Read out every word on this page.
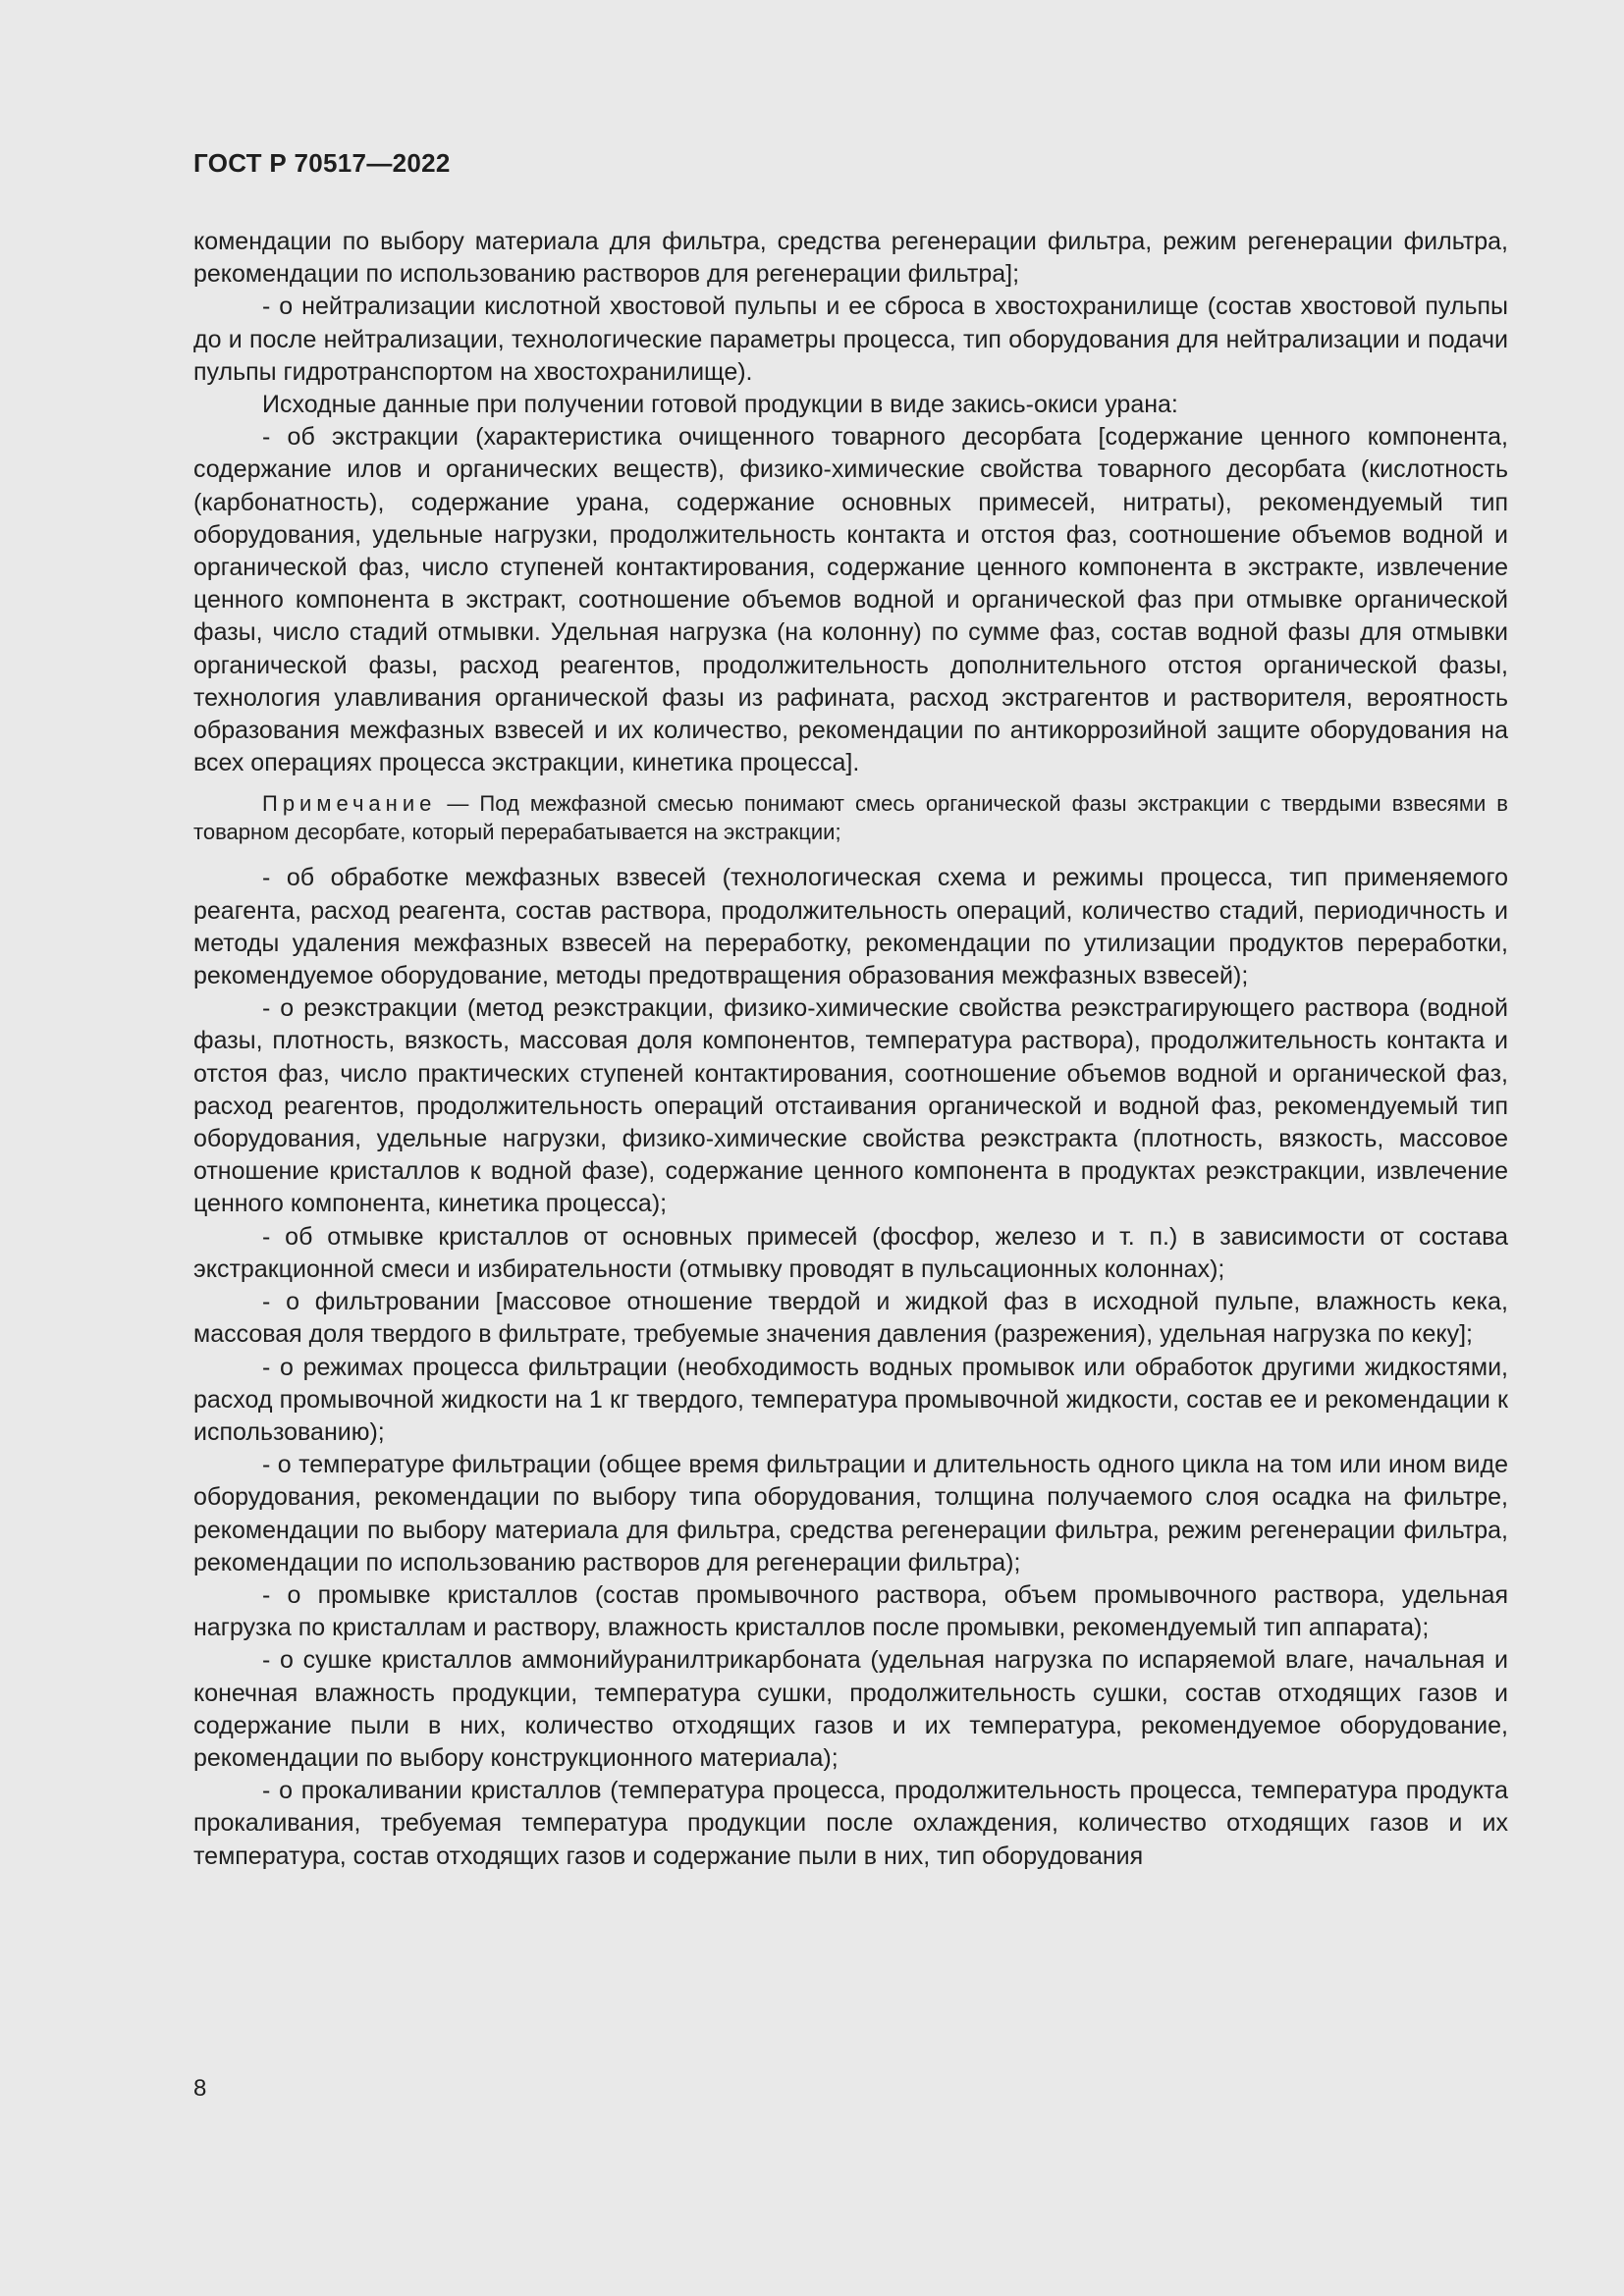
ГОСТ Р 70517—2022

комендации по выбору материала для фильтра, средства регенерации фильтра, режим регенерации фильтра, рекомендации по использованию растворов для регенерации фильтра];

- о нейтрализации кислотной хвостовой пульпы и ее сброса в хвостохранилище (состав хвостовой пульпы до и после нейтрализации, технологические параметры процесса, тип оборудования для нейтрализации и подачи пульпы гидротранспортом на хвостохранилище).

Исходные данные при получении готовой продукции в виде закись-окиси урана:

- об экстракции (характеристика очищенного товарного десорбата [содержание ценного компонента, содержание илов и органических веществ), физико-химические свойства товарного десорбата (кислотность (карбонатность), содержание урана, содержание основных примесей, нитраты), рекомендуемый тип оборудования, удельные нагрузки, продолжительность контакта и отстоя фаз, соотношение объемов водной и органической фаз, число ступеней контактирования, содержание ценного компонента в экстракте, извлечение ценного компонента в экстракт, соотношение объемов водной и органической фаз при отмывке органической фазы, число стадий отмывки. Удельная нагрузка (на колонну) по сумме фаз, состав водной фазы для отмывки органической фазы, расход реагентов, продолжительность дополнительного отстоя органической фазы, технология улавливания органической фазы из рафината, расход экстрагентов и растворителя, вероятность образования межфазных взвесей и их количество, рекомендации по антикоррозийной защите оборудования на всех операциях процесса экстракции, кинетика процесса].

Примечание — Под межфазной смесью понимают смесь органической фазы экстракции с твердыми взвесями в товарном десорбате, который перерабатывается на экстракции;

- об обработке межфазных взвесей (технологическая схема и режимы процесса, тип применяемого реагента, расход реагента, состав раствора, продолжительность операций, количество стадий, периодичность и методы удаления межфазных взвесей на переработку, рекомендации по утилизации продуктов переработки, рекомендуемое оборудование, методы предотвращения образования межфазных взвесей);

- о реэкстракции (метод реэкстракции, физико-химические свойства реэкстрагирующего раствора (водной фазы, плотность, вязкость, массовая доля компонентов, температура раствора), продолжительность контакта и отстоя фаз, число практических ступеней контактирования, соотношение объемов водной и органической фаз, расход реагентов, продолжительность операций отстаивания органической и водной фаз, рекомендуемый тип оборудования, удельные нагрузки, физико-химические свойства реэкстракта (плотность, вязкость, массовое отношение кристаллов к водной фазе), содержание ценного компонента в продуктах реэкстракции, извлечение ценного компонента, кинетика процесса);

- об отмывке кристаллов от основных примесей (фосфор, железо и т. п.) в зависимости от состава экстракционной смеси и избирательности (отмывку проводят в пульсационных колоннах);

- о фильтровании [массовое отношение твердой и жидкой фаз в исходной пульпе, влажность кека, массовая доля твердого в фильтрате, требуемые значения давления (разрежения), удельная нагрузка по кеку];

- о режимах процесса фильтрации (необходимость водных промывок или обработок другими жидкостями, расход промывочной жидкости на 1 кг твердого, температура промывочной жидкости, состав ее и рекомендации к использованию);

- о температуре фильтрации (общее время фильтрации и длительность одного цикла на том или ином виде оборудования, рекомендации по выбору типа оборудования, толщина получаемого слоя осадка на фильтре, рекомендации по выбору материала для фильтра, средства регенерации фильтра, режим регенерации фильтра, рекомендации по использованию растворов для регенерации фильтра);

- о промывке кристаллов (состав промывочного раствора, объем промывочного раствора, удельная нагрузка по кристаллам и раствору, влажность кристаллов после промывки, рекомендуемый тип аппарата);

- о сушке кристаллов аммонийуранилтрикарбоната (удельная нагрузка по испаряемой влаге, начальная и конечная влажность продукции, температура сушки, продолжительность сушки, состав отходящих газов и содержание пыли в них, количество отходящих газов и их температура, рекомендуемое оборудование, рекомендации по выбору конструкционного материала);

- о прокаливании кристаллов (температура процесса, продолжительность процесса, температура продукта прокаливания, требуемая температура продукции после охлаждения, количество отходящих газов и их температура, состав отходящих газов и содержание пыли в них, тип оборудования

8
